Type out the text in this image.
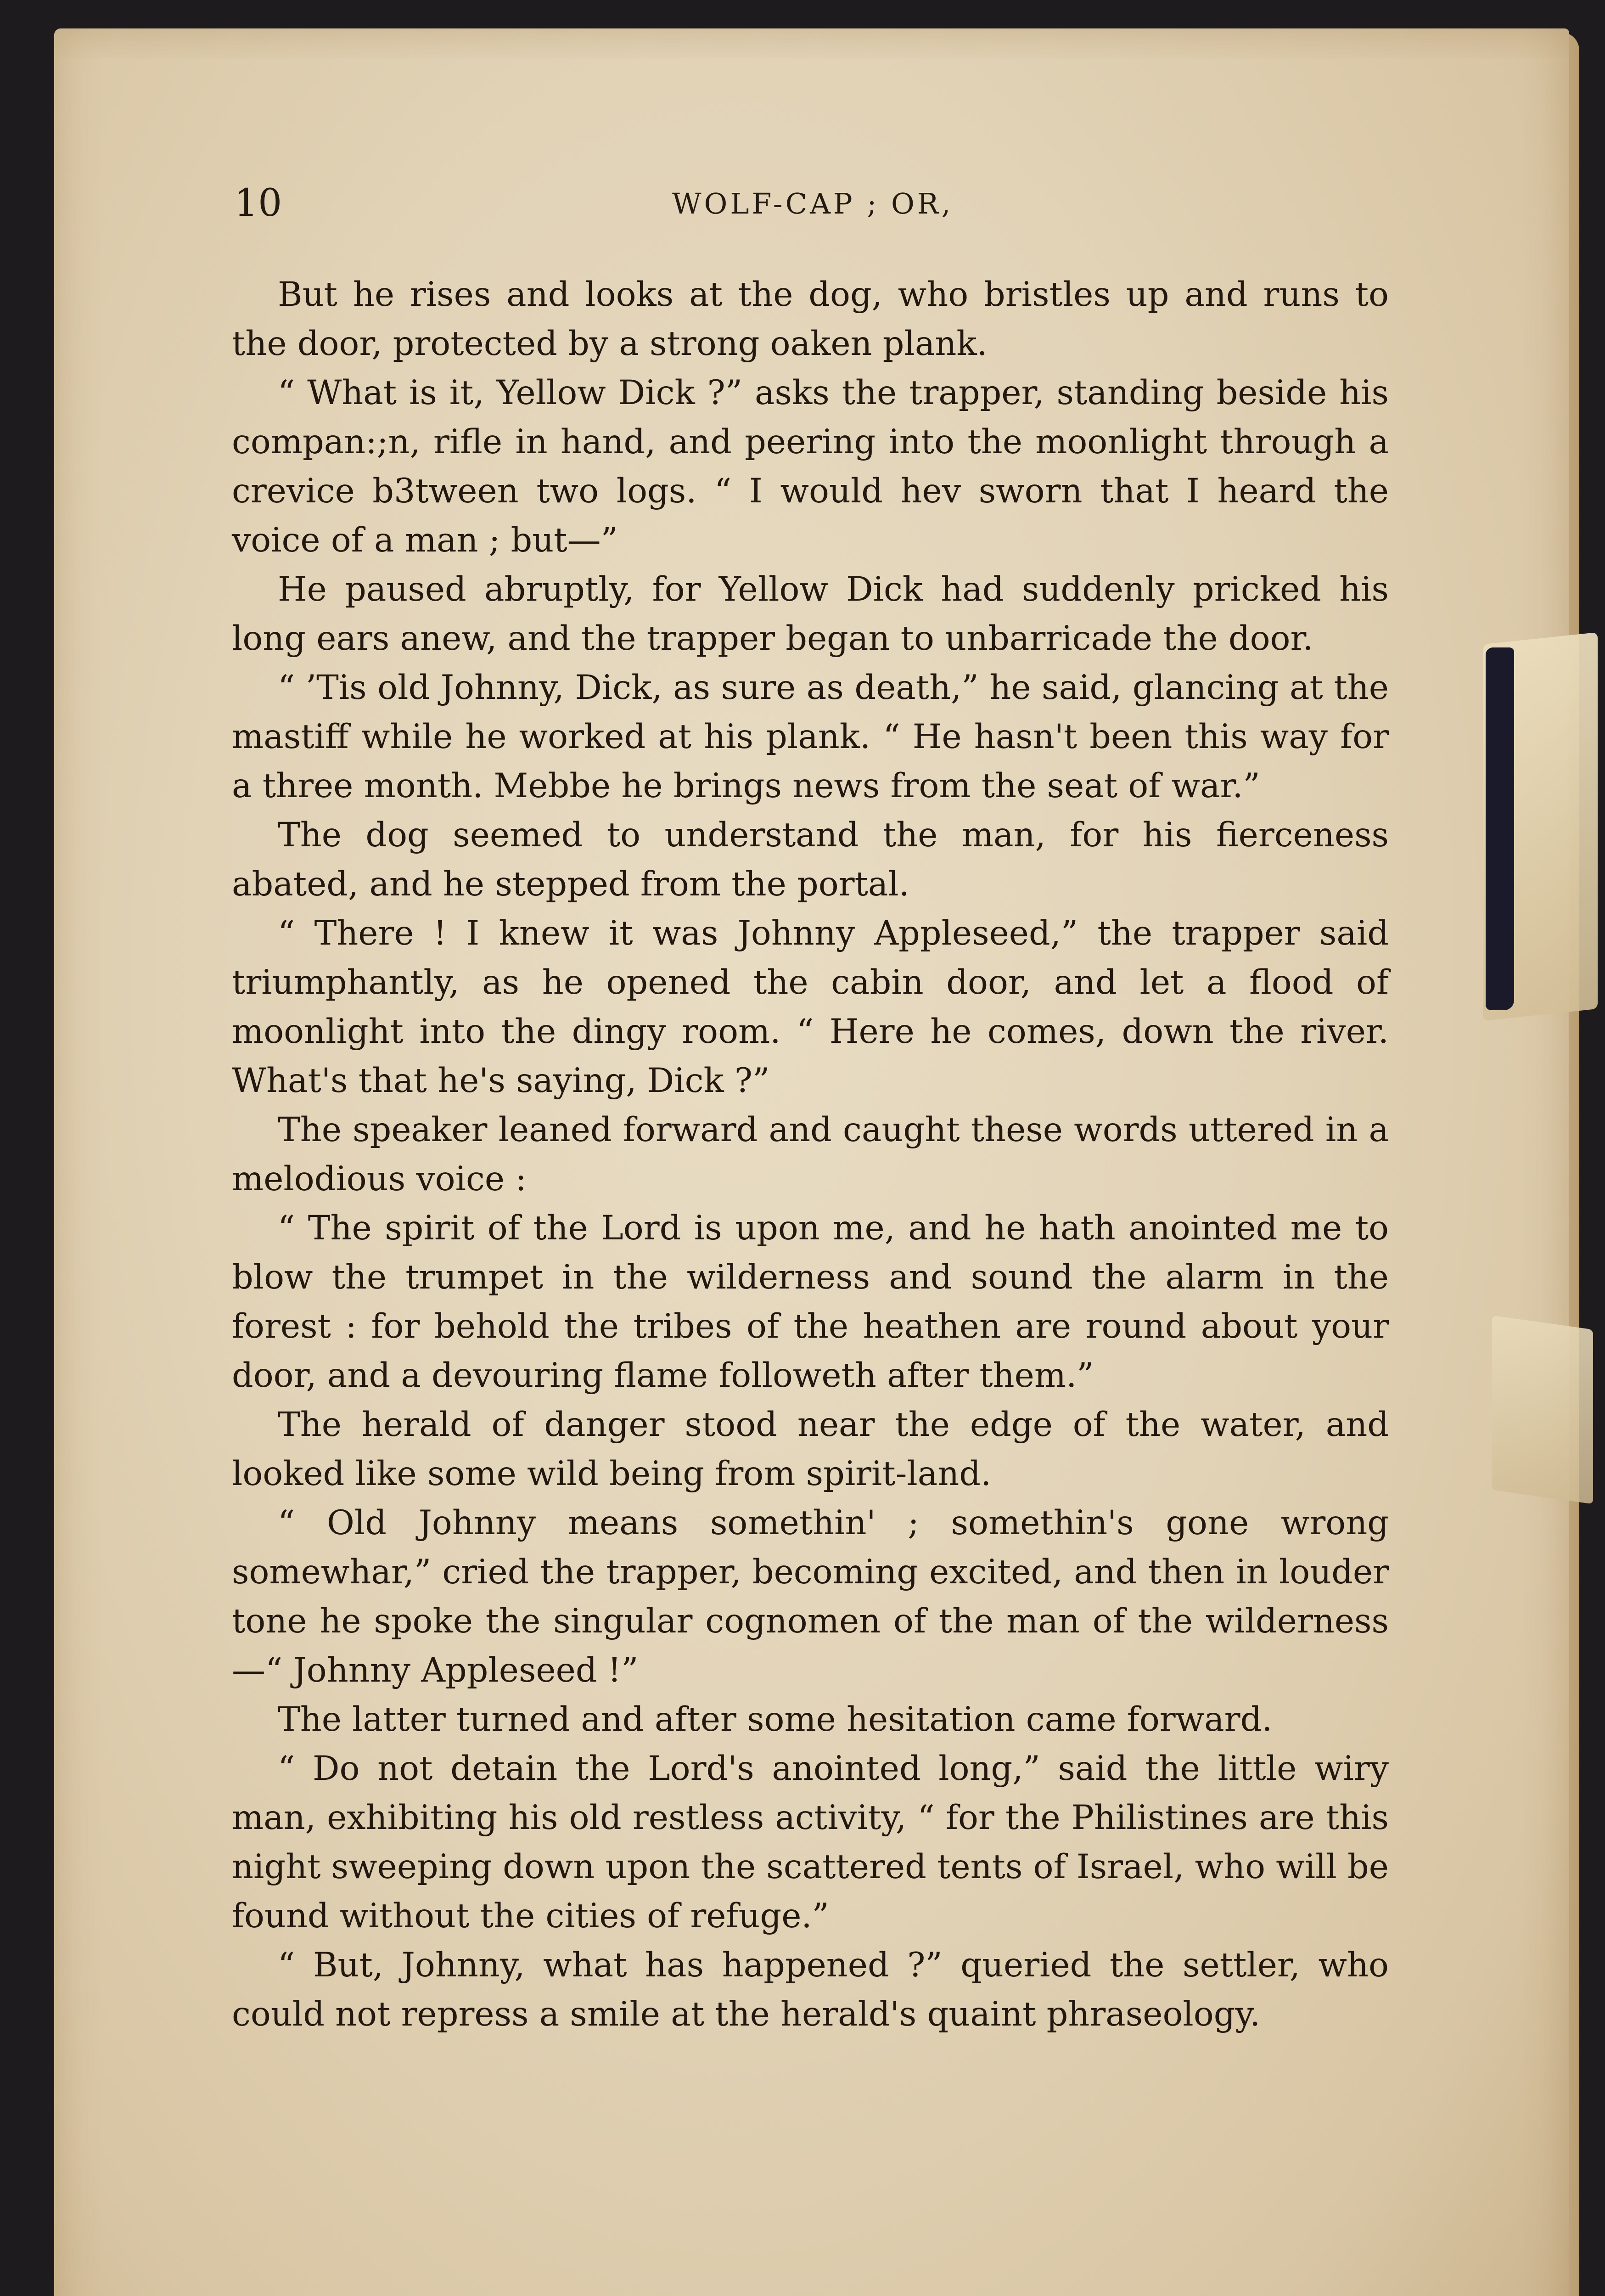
10	WOLF-CAP ; OR,

But he rises and looks at the dog, who bristles up and runs to the door, protected by a strong oaken plank.

“ What is it, Yellow Dick ?” asks the trapper, standing beside his compan:;n, rifle in hand, and peering into the moonlight through a crevice b3tween two logs. “ I would hev sworn that I heard the voice of a man ; but—”

He paused abruptly, for Yellow Dick had suddenly pricked his long ears anew, and the trapper began to unbarricade the door.

“ ’Tis old Johnny, Dick, as sure as death,” he said, glancing at the mastiff while he worked at his plank. “ He hasn't been this way for a three month. Mebbe he brings news from the seat of war.”

The dog seemed to understand the man, for his fierceness abated, and he stepped from the portal.

“ There ! I knew it was Johnny Appleseed,” the trapper said triumphantly, as he opened the cabin door, and let a flood of moonlight into the dingy room. “ Here he comes, down the river. What's that he's saying, Dick ?”

The speaker leaned forward and caught these words uttered in a melodious voice :

“ The spirit of the Lord is upon me, and he hath anointed me to blow the trumpet in the wilderness and sound the alarm in the forest : for behold the tribes of the heathen are round about your door, and a devouring flame followeth after them.”

The herald of danger stood near the edge of the water, and looked like some wild being from spirit-land.

“ Old Johnny means somethin' ; somethin's gone wrong somewhar,” cried the trapper, becoming excited, and then in louder tone he spoke the singular cognomen of the man of the wilderness—“ Johnny Appleseed !”

The latter turned and after some hesitation came forward.

“ Do not detain the Lord's anointed long,” said the little wiry man, exhibiting his old restless activity, “ for the Philistines are this night sweeping down upon the scattered tents of Israel, who will be found without the cities of refuge.”

“ But, Johnny, what has happened ?” queried the settler, who could not repress a smile at the herald's quaint phraseology.
